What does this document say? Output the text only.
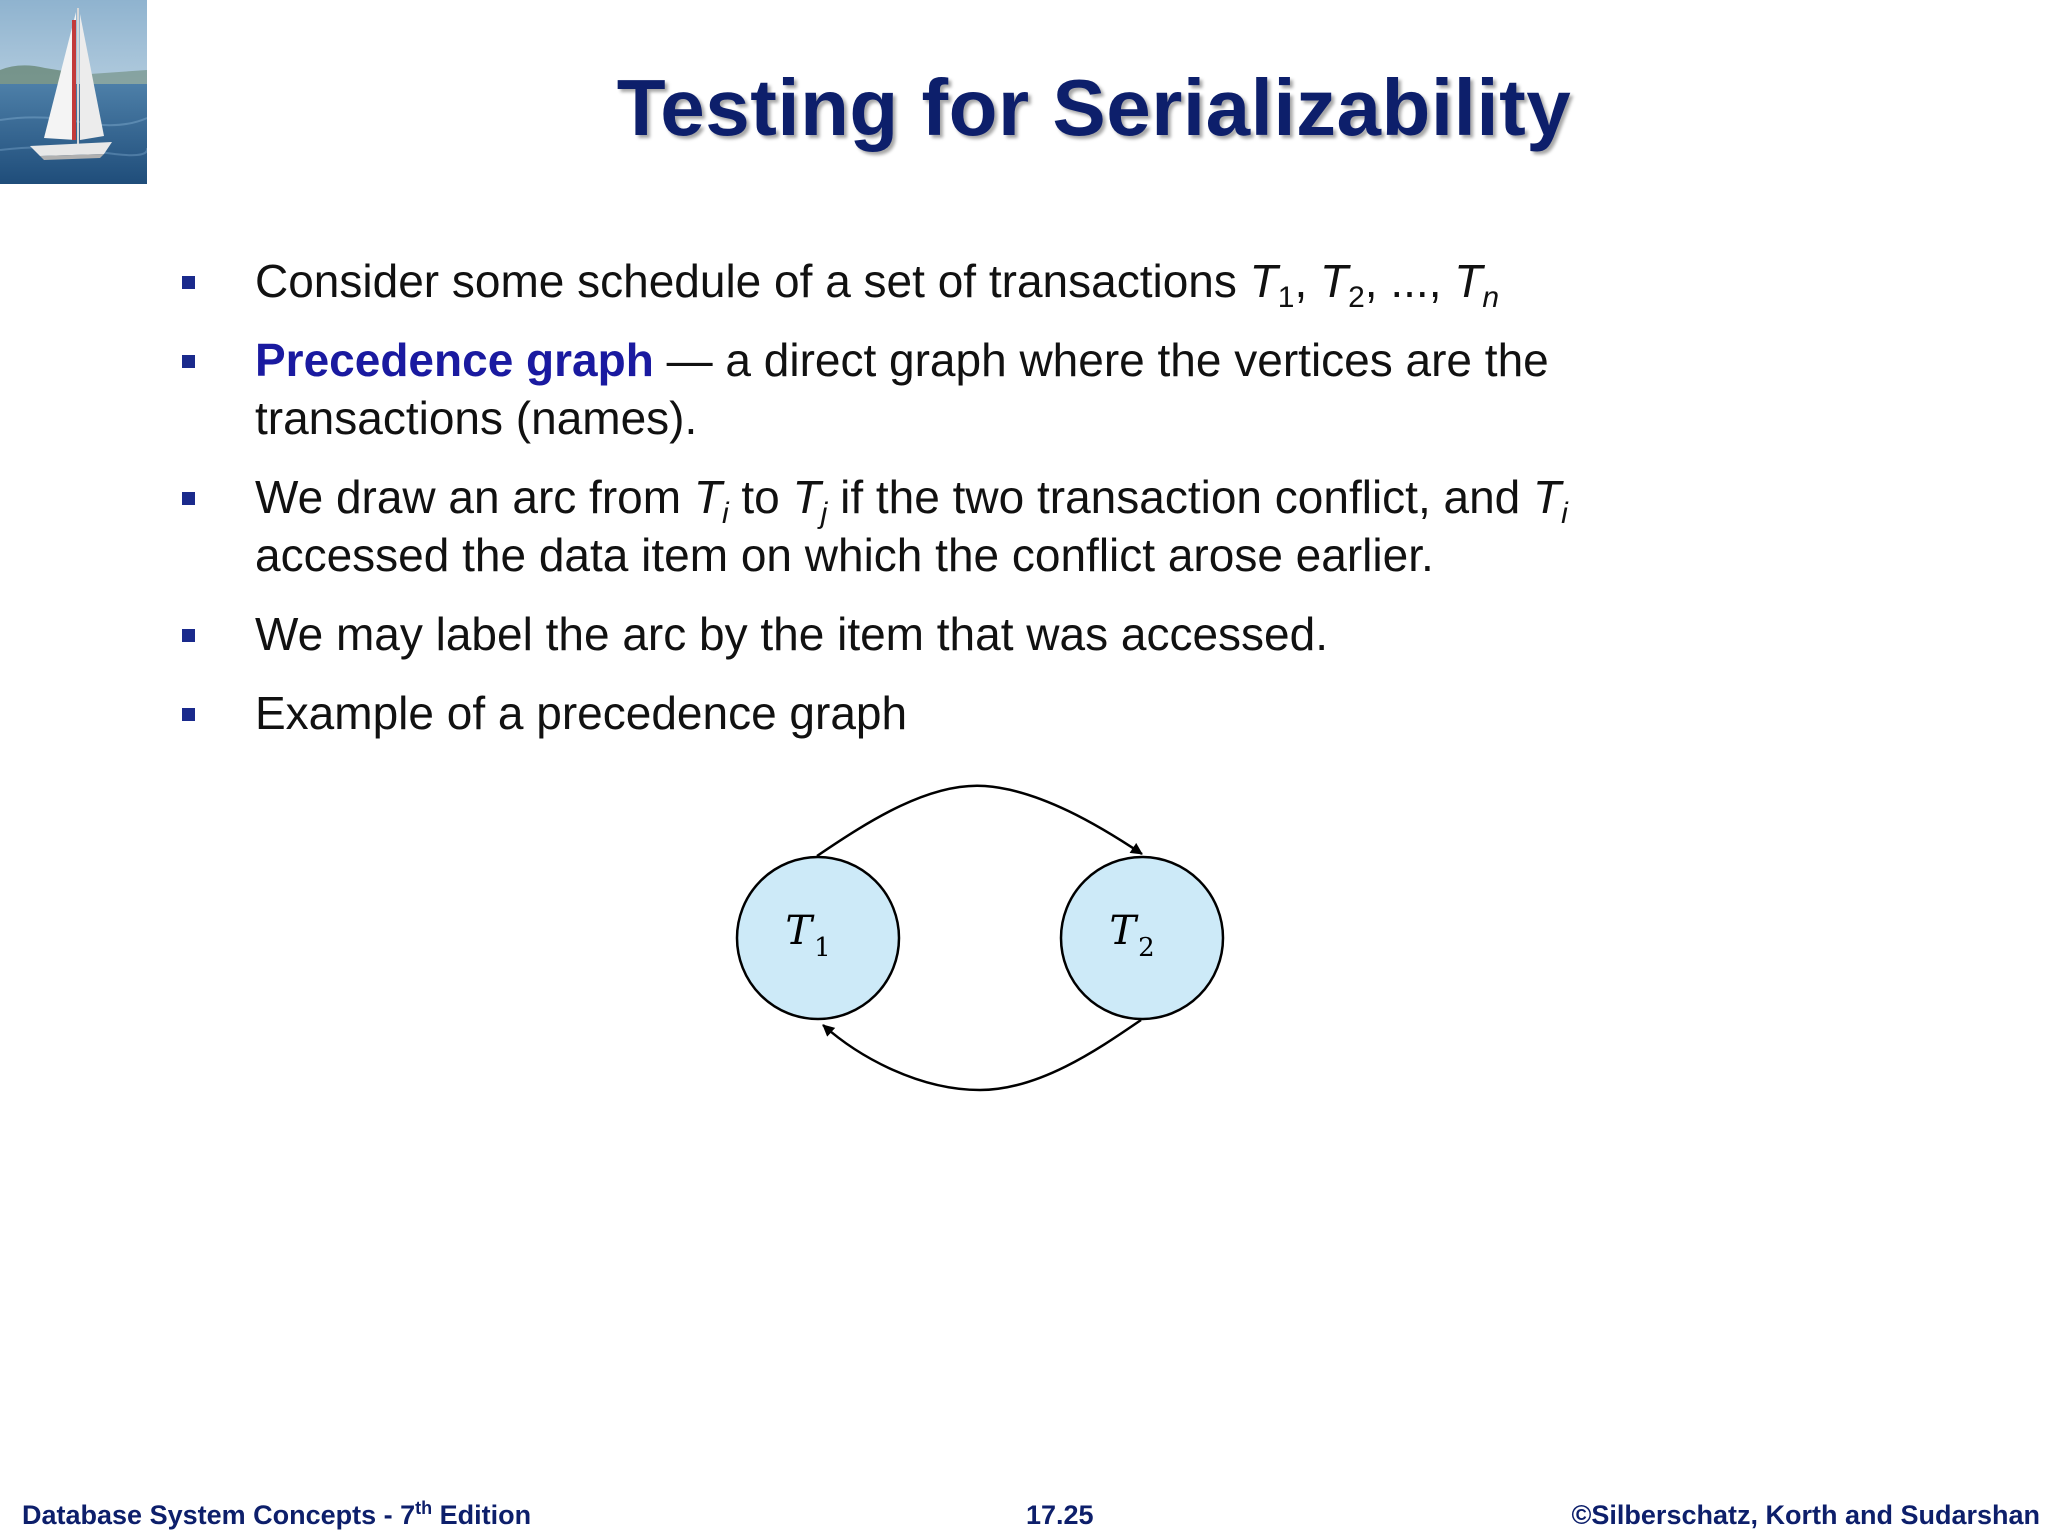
Testing for Serializability
Consider some schedule of a set of transactions $T_1$, $T_2$, ..., $T_n$
Precedence graph — a direct graph where the vertices are the transactions (names).
We draw an arc from $T_i$ to $T_j$ if the two transaction conflict, and $T_i$ accessed the data item on which the conflict arose earlier.
We may label the arc by the item that was accessed.
Example of a precedence graph
$T_1$	$T_2$
Database System Concepts - 7th Edition	17.25	©Silberschatz, Korth and Sudarshan
